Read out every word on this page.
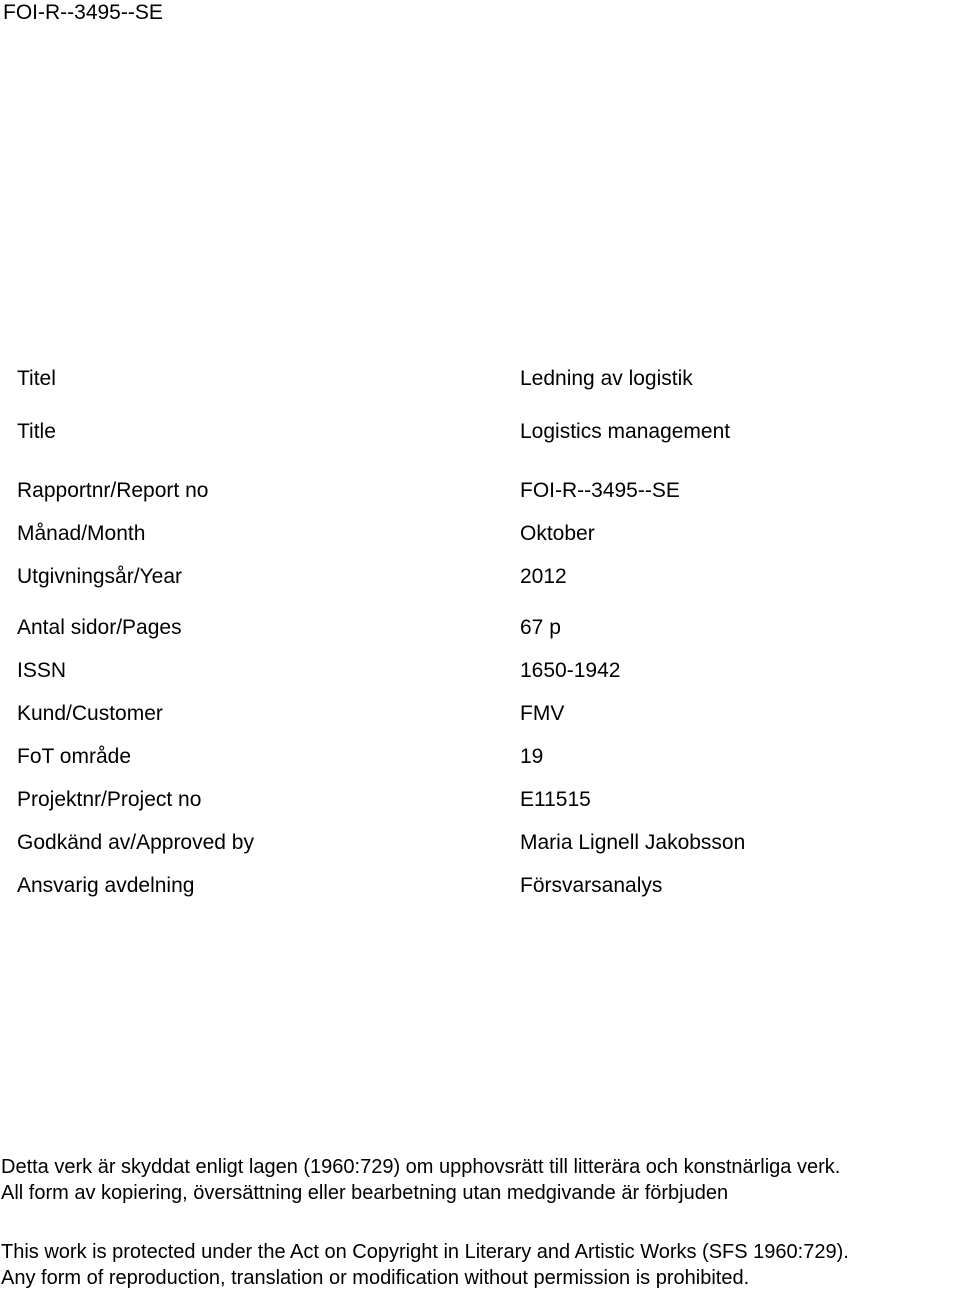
FOI-R--3495--SE
Titel	Ledning av logistik
Title	Logistics management
Rapportnr/Report no	FOI-R--3495--SE
Månad/Month	Oktober
Utgivningsår/Year	2012
Antal sidor/Pages	67 p
ISSN	1650-1942
Kund/Customer	FMV
FoT område	19
Projektnr/Project no	E11515
Godkänd av/Approved by	Maria Lignell Jakobsson
Ansvarig avdelning	Försvarsanalys

Detta verk är skyddat enligt lagen (1960:729) om upphovsrätt till litterära och konstnärliga verk.

All form av kopiering, översättning eller bearbetning utan medgivande är förbjuden

This work is protected under the Act on Copyright in Literary and Artistic Works (SFS 1960:729).

Any form of reproduction, translation or modification without permission is prohibited.
